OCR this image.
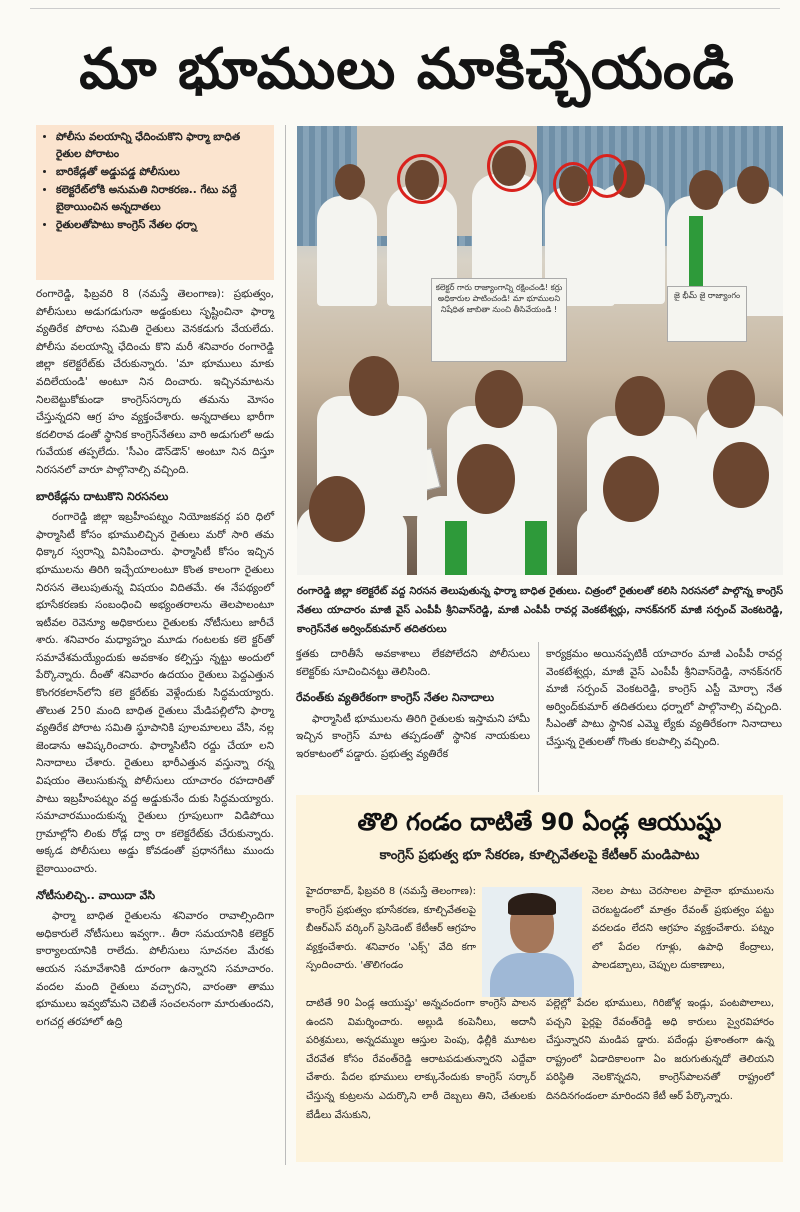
మా భూములు మాకిచ్చేయండి
• పోలీసు వలయాన్ని ఛేదించుకొని ఫార్మా బాధిత రైతుల పోరాటం
• బారికేడ్లతో అడ్డుపడ్డ పోలీసులు
• కలెక్టరేట్‌లోకి అనుమతి నిరాకరణ.. గేటు వద్దే బైఠాయించిన అన్నదాతలు
• రైతులతోపాటు కాంగ్రెస్ నేతల ధర్నా

రంగారెడ్డి, ఫిబ్రవరి 8 (నమస్తే తెలంగాణ): ప్రభుత్వం, పోలీసులు అడుగడుగునా అడ్డంకులు సృష్టించినా ఫార్మా వ్యతిరేక పోరాట సమితి రైతులు వెనకడుగు వేయలేదు. పోలీసు వలయాన్ని ఛేదించు కొని మరీ శనివారం రంగారెడ్డి జిల్లా కలెక్టరేట్‌కు చేరుకున్నారు. 'మా భూములు మాకు వదిలేయండి' అంటూ నిన దించారు. ఇచ్చినమాటను నిలబెట్టుకోకుండా కాంగ్రెస్‌సర్కారు తమను మోసం చేస్తున్నదని ఆగ్ర హం వ్యక్తంచేశారు. అన్నదాతలు భారీగా కదలిరావ డంతో స్థానిక కాంగ్రెస్‌నేతలు వారి అడుగులో అడు గువేయక తప్పలేదు. 'సీఎం డౌన్‌డౌన్' అంటూ నిన దిస్తూ నిరసనలో వారూ పాల్గొనాల్సి వచ్చింది.

బారికేడ్లను దాటుకొని నిరసనలు

రంగారెడ్డి జిల్లా ఇబ్రహీంపట్నం నియోజకవర్గ పరి ధిలో ఫార్మాసిటీ కోసం భూములిచ్చిన రైతులు మరో సారి తమ ధిక్కార స్వరాన్ని వినిపించారు. ఫార్మాసిటీ కోసం ఇచ్చిన భూములను తిరిగి ఇచ్చేయాలంటూ కొంత కాలంగా రైతులు నిరసన తెలుపుతున్న విషయం విదితమే. ఈ నేపథ్యంలో భూసేకరణకు సంబంధించి అభ్యంతరాలను తెలపాలంటూ ఇటీవల రెవెన్యూ అధికారులు రైతులకు నోటీసులు జారీచే శారు. శనివారం మధ్యాహ్నం మూడు గంటలకు కలె క్టర్‌తో సమావేశమయ్యేందుకు అవకాశం కల్పిస్తు న్నట్టు అందులో పేర్కొన్నారు. దీంతో శనివారం ఉదయం రైతులు పెద్దఎత్తున కొంగరకలాన్‌లోని కలె క్టరేట్‌కు వెళ్లేందుకు సిద్ధమయ్యారు. తొలుత 250 మంది బాధిత రైతులు మేడిపల్లిలోని ఫార్మా వ్యతిరేక పోరాట సమితి స్థూపానికి పూలమాలలు వేసి, నల్ల జెండాను ఆవిష్కరించారు. ఫార్మాసిటీని రద్దు చేయా లని నినాదాలు చేశారు. రైతులు భారీఎత్తున వస్తున్నా రన్న విషయం తెలుసుకున్న పోలీసులు యాచారం రహదారితో పాటు ఇబ్రహీంపట్నం వద్ద అడ్డుకునేం దుకు సిద్ధమయ్యారు. సమాచారముందుకున్న రైతులు గ్రూపులుగా విడిపోయి గ్రామాల్లోని లింకు రోడ్ల ద్వా రా కలెక్టరేట్‌కు చేరుకున్నారు. అక్కడ పోలీసులు అడ్డు కోవడంతో ప్రధానగేటు ముందు బైఠాయించారు.

నోటీసులిచ్చి.. వాయిదా వేసి

ఫార్మా బాధిత రైతులను శనివారం రావాల్సిందిగా అధికారులే నోటీసులు ఇవ్వగా.. తీరా సమయానికి కలెక్టర్ కార్యాలయానికి రాలేదు. పోలీసులు సూచనల మేరకు ఆయన సమావేశానికి దూరంగా ఉన్నారని సమాచారం. వందల మంది రైతులు వచ్చారని, వారంతా తాము భూములు ఇవ్వబోమని చెబితే సంచలనంగా మారుతుందని, లగచర్ల తరహాలో ఉద్రి

కలెక్టర్ గారు రాజ్యాంగాన్ని రక్షించండి! కర్రు అధికారుల పాటించండి! మా భూములని నిషేధిత జాబితా నుంచి తీసివేయండి !
జై భీమ్ జై రాజ్యాంగం
రంగారెడ్డి జిల్లా కలెక్టరేట్ వద్ద నిరసన తెలుపుతున్న ఫార్మా బాధిత రైతులు. చిత్రంలో రైతులతో కలిసి నిరసనలో పాల్గొన్న కాంగ్రెస్ నేతలు యాచారం మాజీ వైస్ ఎంపీపీ శ్రీనివాస్‌రెడ్డి, మాజీ ఎంపీపీ రావర్ల వెంకటేశ్వర్లు, నానక్‌నగర్ మాజీ సర్పంచ్ వెంకటరెడ్డి, కాంగ్రెస్‌నేత అర్వింద్‌కుమార్ తదితరులు

క్తతకు దారితీసే అవకాశాలు లేకపోలేదని పోలీసులు కలెక్టర్‌కు సూచించినట్టు తెలిసింది.

రేవంత్‌కు వ్యతిరేకంగా కాంగ్రెస్ నేతల నినాదాలు

ఫార్మాసిటీ భూములను తిరిగి రైతులకు ఇస్తామని హామీ ఇచ్చిన కాంగ్రెస్ మాట తప్పడంతో స్థానిక నాయకులు ఇరకాటంలో పడ్డారు. ప్రభుత్వ వ్యతిరేక

కార్యక్రమం అయినప్పటికీ యాచారం మాజీ ఎంపీపీ రావర్ల వెంకటేశ్వర్లు, మాజీ వైస్ ఎంపీపీ శ్రీనివాస్‌రెడ్డి, నానక్‌నగర్ మాజీ సర్పంచ్ వెంకటరెడ్డి, కాంగ్రెస్ ఎస్టీ మోర్చా నేత అర్వింద్‌కుమార్ తదితరులు ధర్నాలో పాల్గొనాల్సి వచ్చింది. సీఎంతో పాటు స్థానిక ఎమ్మె ల్యేకు వ్యతిరేకంగా నినాదాలు చేస్తున్న రైతులతో గొంతు కలపాల్సి వచ్చింది.

తొలి గండం దాటితే 90 ఏండ్ల ఆయుష్షు
కాంగ్రెస్ ప్రభుత్వ భూ సేకరణ, కూల్చివేతలపై కేటీఆర్ మండిపాటు

హైదరాబాద్, ఫిబ్రవరి 8 (నమస్తే తెలంగాణ): కాంగ్రెస్ ప్రభుత్వం భూసేకరణ, కూల్చివేతలపై బీఆర్‌ఎస్ వర్కింగ్ ప్రెసిడెంట్ కేటీఆర్ ఆగ్రహం వ్యక్తంచేశారు. శనివారం 'ఎక్స్' వేది కగా స్పందించారు. 'తొలిగండం

దాటితే 90 ఏండ్ల ఆయుష్షు' అన్నచందంగా కాంగ్రెస్ పాలన ఉందని విమర్శించారు. అల్లుడి కంపెనీలు, అదానీ పరిశ్రమలు, అన్నదమ్ముల ఆస్తుల పెంపు, ఢిల్లీకి మూటల చేరవేత కోసం రేవంత్‌రెడ్డి ఆరాటపడుతున్నారని ఎద్దేవా చేశారు. పేదల భూములు లాక్కునేందుకు కాంగ్రెస్ సర్కార్ చేస్తున్న కుట్రలను ఎదుర్కొని లాఠీ దెబ్బలు తిని, చేతులకు బేడీలు వేసుకుని,

నెలల పాటు చెరసాలల పాలైనా భూములను చెరబట్టడంలో మాత్రం రేవంత్ ప్రభుత్వం పట్టు వదలడం లేదని ఆగ్రహం వ్యక్తంచేశారు. పట్నం లో పేదల గూళ్లు, ఉపాధి కేంద్రాలు, పాలడబ్బాలు, చెప్పుల దుకాణాలు,

పల్లెల్లో పేదల భూములు, గిరిజోళ్ల ఇండ్లు, పంటపొలాలు, పచ్చని పైర్లపై రేవంత్‌రెడ్డి అధి కారులు స్వైరవిహారం చేస్తున్నారని మండిప డ్డారు. పదేండ్లు ప్రశాంతంగా ఉన్న రాష్ట్రంలో ఏడాదికాలంగా ఏం జరుగుతున్నదో తెలియని పరిస్థితి నెలకొన్నదని, కాంగ్రెస్‌పాలనతో రాష్ట్రంలో దినదినగండంలా మారిందని కేటీ ఆర్ పేర్కొన్నారు.
